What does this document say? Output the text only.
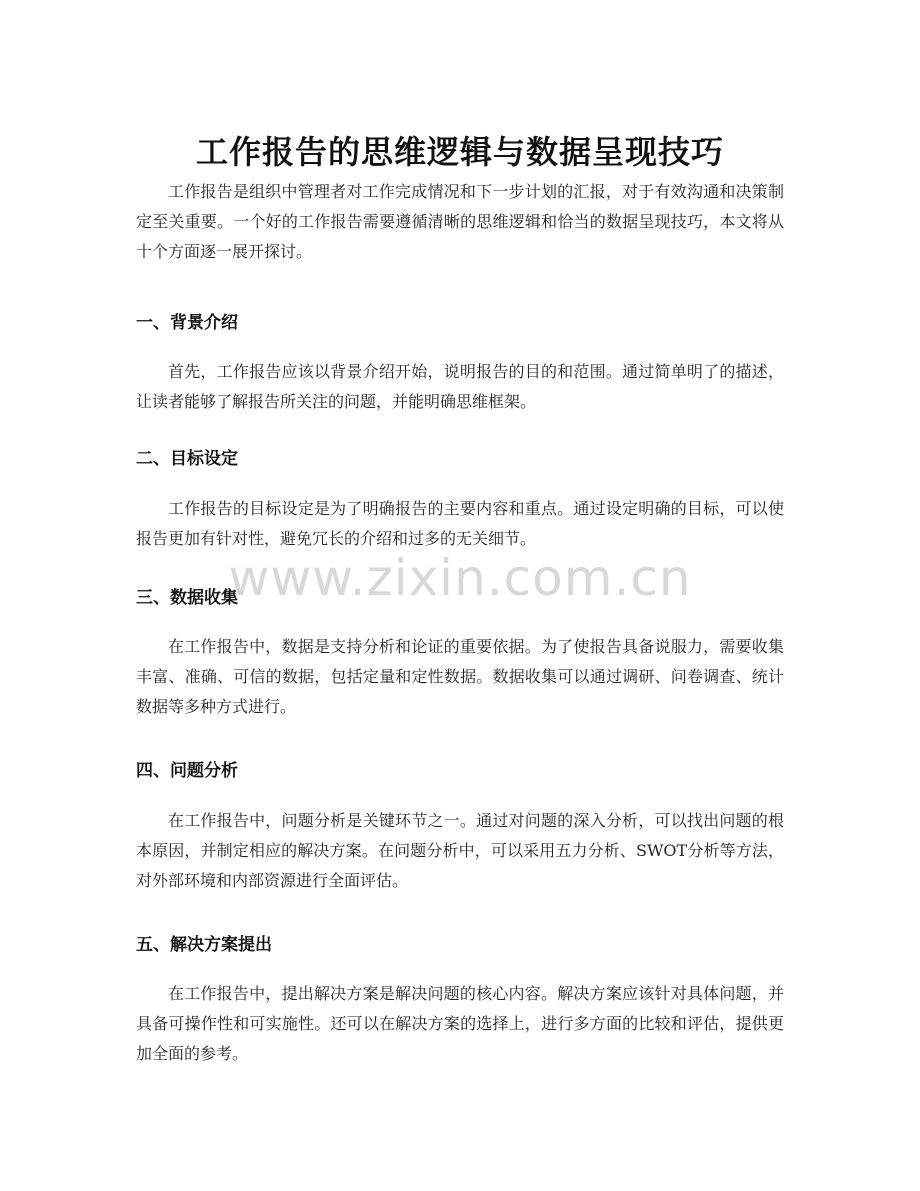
工作报告的思维逻辑与数据呈现技巧

工作报告是组织中管理者对工作完成情况和下一步计划的汇报，对于有效沟通和决策制定至关重要。一个好的工作报告需要遵循清晰的思维逻辑和恰当的数据呈现技巧，本文将从十个方面逐一展开探讨。

一、背景介绍

首先，工作报告应该以背景介绍开始，说明报告的目的和范围。通过简单明了的描述，让读者能够了解报告所关注的问题，并能明确思维框架。

二、目标设定

工作报告的目标设定是为了明确报告的主要内容和重点。通过设定明确的目标，可以使报告更加有针对性，避免冗长的介绍和过多的无关细节。

三、数据收集

在工作报告中，数据是支持分析和论证的重要依据。为了使报告具备说服力，需要收集丰富、准确、可信的数据，包括定量和定性数据。数据收集可以通过调研、问卷调查、统计数据等多种方式进行。

四、问题分析

在工作报告中，问题分析是关键环节之一。通过对问题的深入分析，可以找出问题的根本原因，并制定相应的解决方案。在问题分析中，可以采用五力分析、SWOT分析等方法，对外部环境和内部资源进行全面评估。

五、解决方案提出

在工作报告中，提出解决方案是解决问题的核心内容。解决方案应该针对具体问题，并具备可操作性和可实施性。还可以在解决方案的选择上，进行多方面的比较和评估，提供更加全面的参考。

www.zixin.com.cn
